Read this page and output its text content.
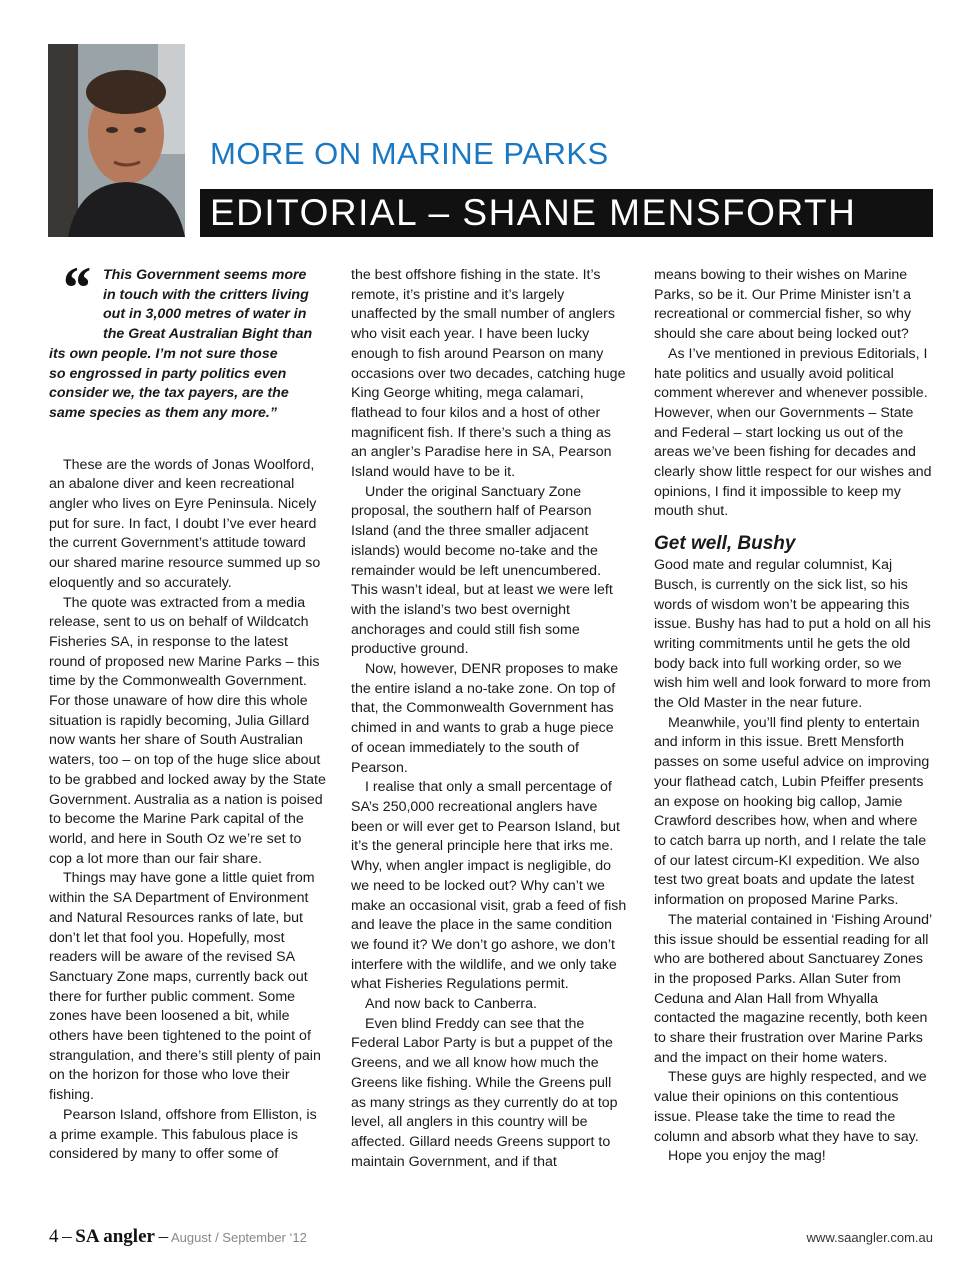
MORE ON MARINE PARKS
EDITORIAL – SHANE MENSFORTH
“ This Government seems more
in touch with the critters living
out in 3,000 metres of water in
the Great Australian Bight than
its own people. I’m not sure those
so engrossed in party politics even
consider we, the tax payers, are the
same species as them any more.”

These are the words of Jonas Woolford, an abalone diver and keen recreational angler who lives on Eyre Peninsula. Nicely put for sure. In fact, I doubt I’ve ever heard the current Government’s attitude toward our shared marine resource summed up so eloquently and so accurately.

The quote was extracted from a media release, sent to us on behalf of Wildcatch Fisheries SA, in response to the latest round of proposed new Marine Parks – this time by the Commonwealth Government. For those unaware of how dire this whole situation is rapidly becoming, Julia Gillard now wants her share of South Australian waters, too – on top of the huge slice about to be grabbed and locked away by the State Government. Australia as a nation is poised to become the Marine Park capital of the world, and here in South Oz we’re set to cop a lot more than our fair share.

Things may have gone a little quiet from within the SA Department of Environment and Natural Resources ranks of late, but don’t let that fool you. Hopefully, most readers will be aware of the revised SA Sanctuary Zone maps, currently back out there for further public comment. Some zones have been loosened a bit, while others have been tightened to the point of strangulation, and there’s still plenty of pain on the horizon for those who love their fishing.

Pearson Island, offshore from Elliston, is a prime example. This fabulous place is considered by many to offer some of

the best offshore fishing in the state. It’s remote, it’s pristine and it’s largely unaffected by the small number of anglers who visit each year. I have been lucky enough to fish around Pearson on many occasions over two decades, catching huge King George whiting, mega calamari, flathead to four kilos and a host of other magnificent fish. If there’s such a thing as an angler’s Paradise here in SA, Pearson Island would have to be it.

Under the original Sanctuary Zone proposal, the southern half of Pearson Island (and the three smaller adjacent islands) would become no-take and the remainder would be left unencumbered. This wasn’t ideal, but at least we were left with the island’s two best overnight anchorages and could still fish some productive ground.

Now, however, DENR proposes to make the entire island a no-take zone. On top of that, the Commonwealth Government has chimed in and wants to grab a huge piece of ocean immediately to the south of Pearson.

I realise that only a small percentage of SA’s 250,000 recreational anglers have been or will ever get to Pearson Island, but it’s the general principle here that irks me. Why, when angler impact is negligible, do we need to be locked out? Why can’t we make an occasional visit, grab a feed of fish and leave the place in the same condition we found it? We don’t go ashore, we don’t interfere with the wildlife, and we only take what Fisheries Regulations permit.

And now back to Canberra.

Even blind Freddy can see that the Federal Labor Party is but a puppet of the Greens, and we all know how much the Greens like fishing. While the Greens pull as many strings as they currently do at top level, all anglers in this country will be affected. Gillard needs Greens support to maintain Government, and if that

means bowing to their wishes on Marine Parks, so be it. Our Prime Minister isn’t a recreational or commercial fisher, so why should she care about being locked out?

As I’ve mentioned in previous Editorials, I hate politics and usually avoid political comment wherever and whenever possible. However, when our Governments – State and Federal – start locking us out of the areas we’ve been fishing for decades and clearly show little respect for our wishes and opinions, I find it impossible to keep my mouth shut.

Get well, Bushy

Good mate and regular columnist, Kaj Busch, is currently on the sick list, so his words of wisdom won’t be appearing this issue. Bushy has had to put a hold on all his writing commitments until he gets the old body back into full working order, so we wish him well and look forward to more from the Old Master in the near future.

Meanwhile, you’ll find plenty to entertain and inform in this issue. Brett Mensforth passes on some useful advice on improving your flathead catch, Lubin Pfeiffer presents an expose on hooking big callop, Jamie Crawford describes how, when and where to catch barra up north, and I relate the tale of our latest circum-KI expedition. We also test two great boats and update the latest information on proposed Marine Parks.

The material contained in ‘Fishing Around’ this issue should be essential reading for all who are bothered about Sanctuarey Zones in the proposed Parks. Allan Suter from Ceduna and Alan Hall from Whyalla contacted the magazine recently, both keen to share their frustration over Marine Parks and the impact on their home waters.

These guys are highly respected, and we value their opinions on this contentious issue. Please take the time to read the column and absorb what they have to say.

Hope you enjoy the mag!

4 – SA angler – August / September ‘12	www.saangler.com.au
